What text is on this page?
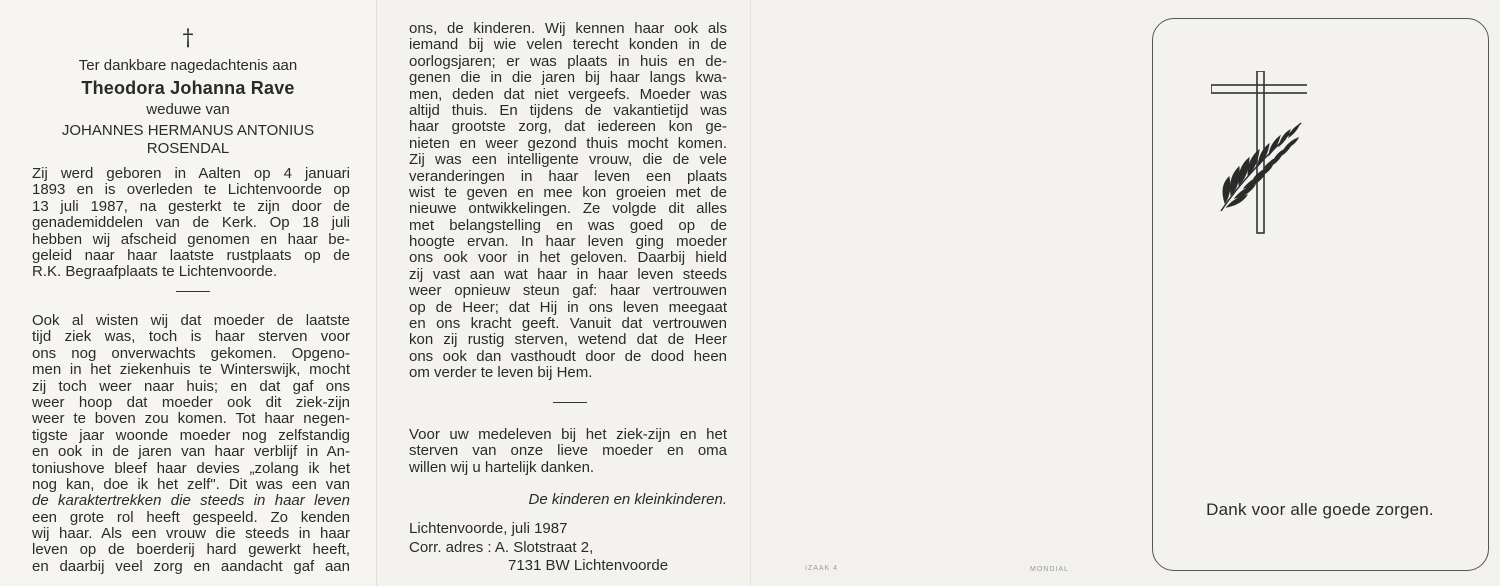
†
Ter dankbare nagedachtenis aan
Theodora Johanna Rave
weduwe van
JOHANNES HERMANUS ANTONIUS
ROSENDAL
Zij werd geboren in Aalten op 4 januari
1893 en is overleden te Lichtenvoorde op
13 juli 1987, na gesterkt te zijn door de
genademiddelen van de Kerk. Op 18 juli
hebben wij afscheid genomen en haar be-
geleid naar haar laatste rustplaats op de
R.K. Begraafplaats te Lichtenvoorde.
Ook al wisten wij dat moeder de laatste
tijd ziek was, toch is haar sterven voor
ons nog onverwachts gekomen. Opgeno-
men in het ziekenhuis te Winterswijk, mocht
zij toch weer naar huis; en dat gaf ons
weer hoop dat moeder ook dit ziek-zijn
weer te boven zou komen. Tot haar negen-
tigste jaar woonde moeder nog zelfstandig
en ook in de jaren van haar verblijf in An-
toniushove bleef haar devies „zolang ik het
nog kan, doe ik het zelf". Dit was een van
de karaktertrekken die steeds in haar leven
een grote rol heeft gespeeld. Zo kenden
wij haar. Als een vrouw die steeds in haar
leven op de boerderij hard gewerkt heeft,
en daarbij veel zorg en aandacht gaf aan
ons, de kinderen. Wij kennen haar ook als
iemand bij wie velen terecht konden in de
oorlogsjaren; er was plaats in huis en de-
genen die in die jaren bij haar langs kwa-
men, deden dat niet vergeefs. Moeder was
altijd thuis. En tijdens de vakantietijd was
haar grootste zorg, dat iedereen kon ge-
nieten en weer gezond thuis mocht komen.
Zij was een intelligente vrouw, die de vele
veranderingen in haar leven een plaats
wist te geven en mee kon groeien met de
nieuwe ontwikkelingen. Ze volgde dit alles
met belangstelling en was goed op de
hoogte ervan. In haar leven ging moeder
ons ook voor in het geloven. Daarbij hield
zij vast aan wat haar in haar leven steeds
weer opnieuw steun gaf: haar vertrouwen
op de Heer; dat Hij in ons leven meegaat
en ons kracht geeft. Vanuit dat vertrouwen
kon zij rustig sterven, wetend dat de Heer
ons ook dan vasthoudt door de dood heen
om verder te leven bij Hem.
Voor uw medeleven bij het ziek-zijn en het
sterven van onze lieve moeder en oma
willen wij u hartelijk danken.
De kinderen en kleinkinderen.
Lichtenvoorde, juli 1987
Corr. adres : A. Slotstraat 2,
7131 BW Lichtenvoorde	IZAAK 4	MONDIAL
Dank voor alle goede zorgen.
